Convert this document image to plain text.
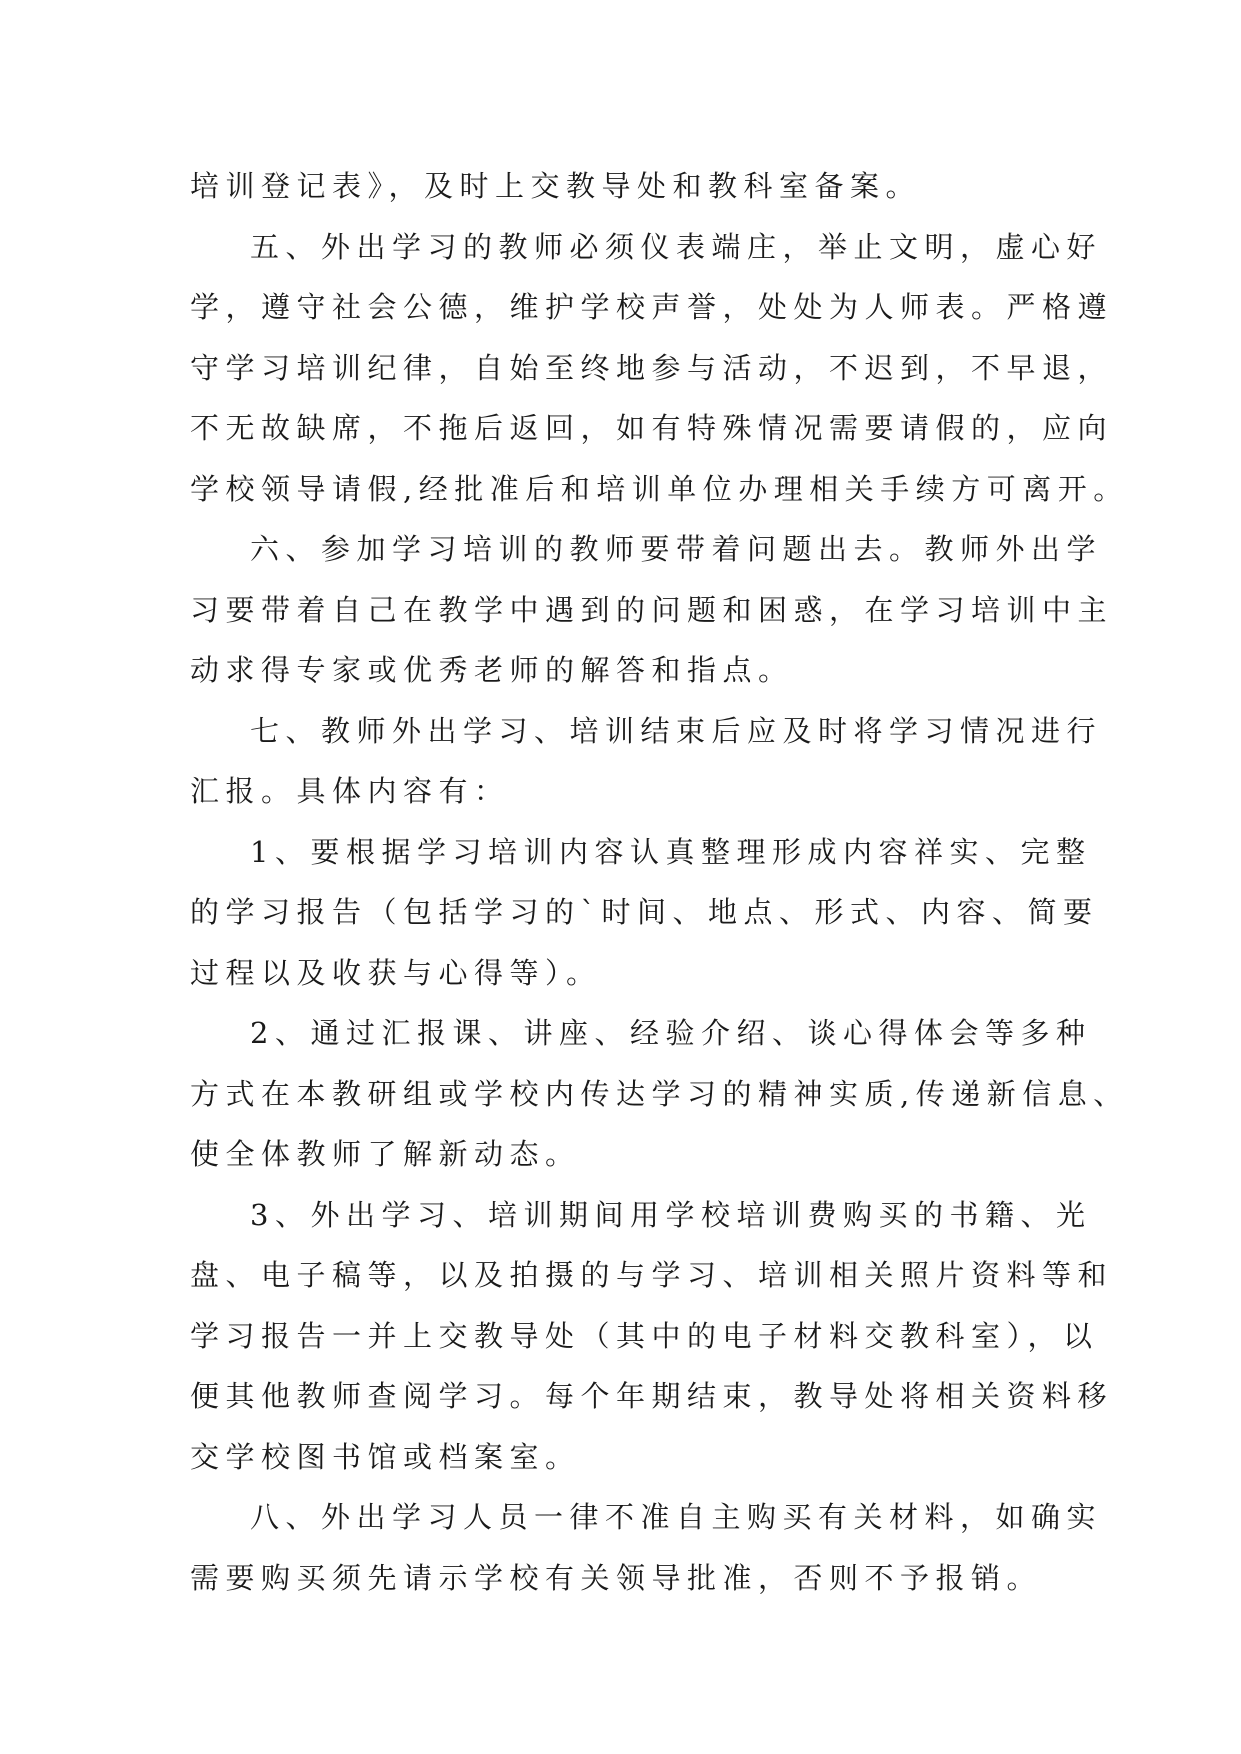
培训登记表》，及时上交教导处和教科室备案。
五、外出学习的教师必须仪表端庄，举止文明，虚心好
学，遵守社会公德，维护学校声誉，处处为人师表。严格遵
守学习培训纪律，自始至终地参与活动，不迟到，不早退，
不无故缺席，不拖后返回，如有特殊情况需要请假的，应向
学校领导请假,经批准后和培训单位办理相关手续方可离开。
六、参加学习培训的教师要带着问题出去。教师外出学
习要带着自己在教学中遇到的问题和困惑，在学习培训中主
动求得专家或优秀老师的解答和指点。
七、教师外出学习、培训结束后应及时将学习情况进行
汇报。具体内容有：
1、要根据学习培训内容认真整理形成内容祥实、完整
的学习报告（包括学习的`时间、地点、形式、内容、简要
过程以及收获与心得等）。
2、通过汇报课、讲座、经验介绍、谈心得体会等多种
方式在本教研组或学校内传达学习的精神实质,传递新信息、
使全体教师了解新动态。
3、外出学习、培训期间用学校培训费购买的书籍、光
盘、电子稿等，以及拍摄的与学习、培训相关照片资料等和
学习报告一并上交教导处（其中的电子材料交教科室），以
便其他教师查阅学习。每个年期结束，教导处将相关资料移
交学校图书馆或档案室。
八、外出学习人员一律不准自主购买有关材料，如确实
需要购买须先请示学校有关领导批准，否则不予报销。
